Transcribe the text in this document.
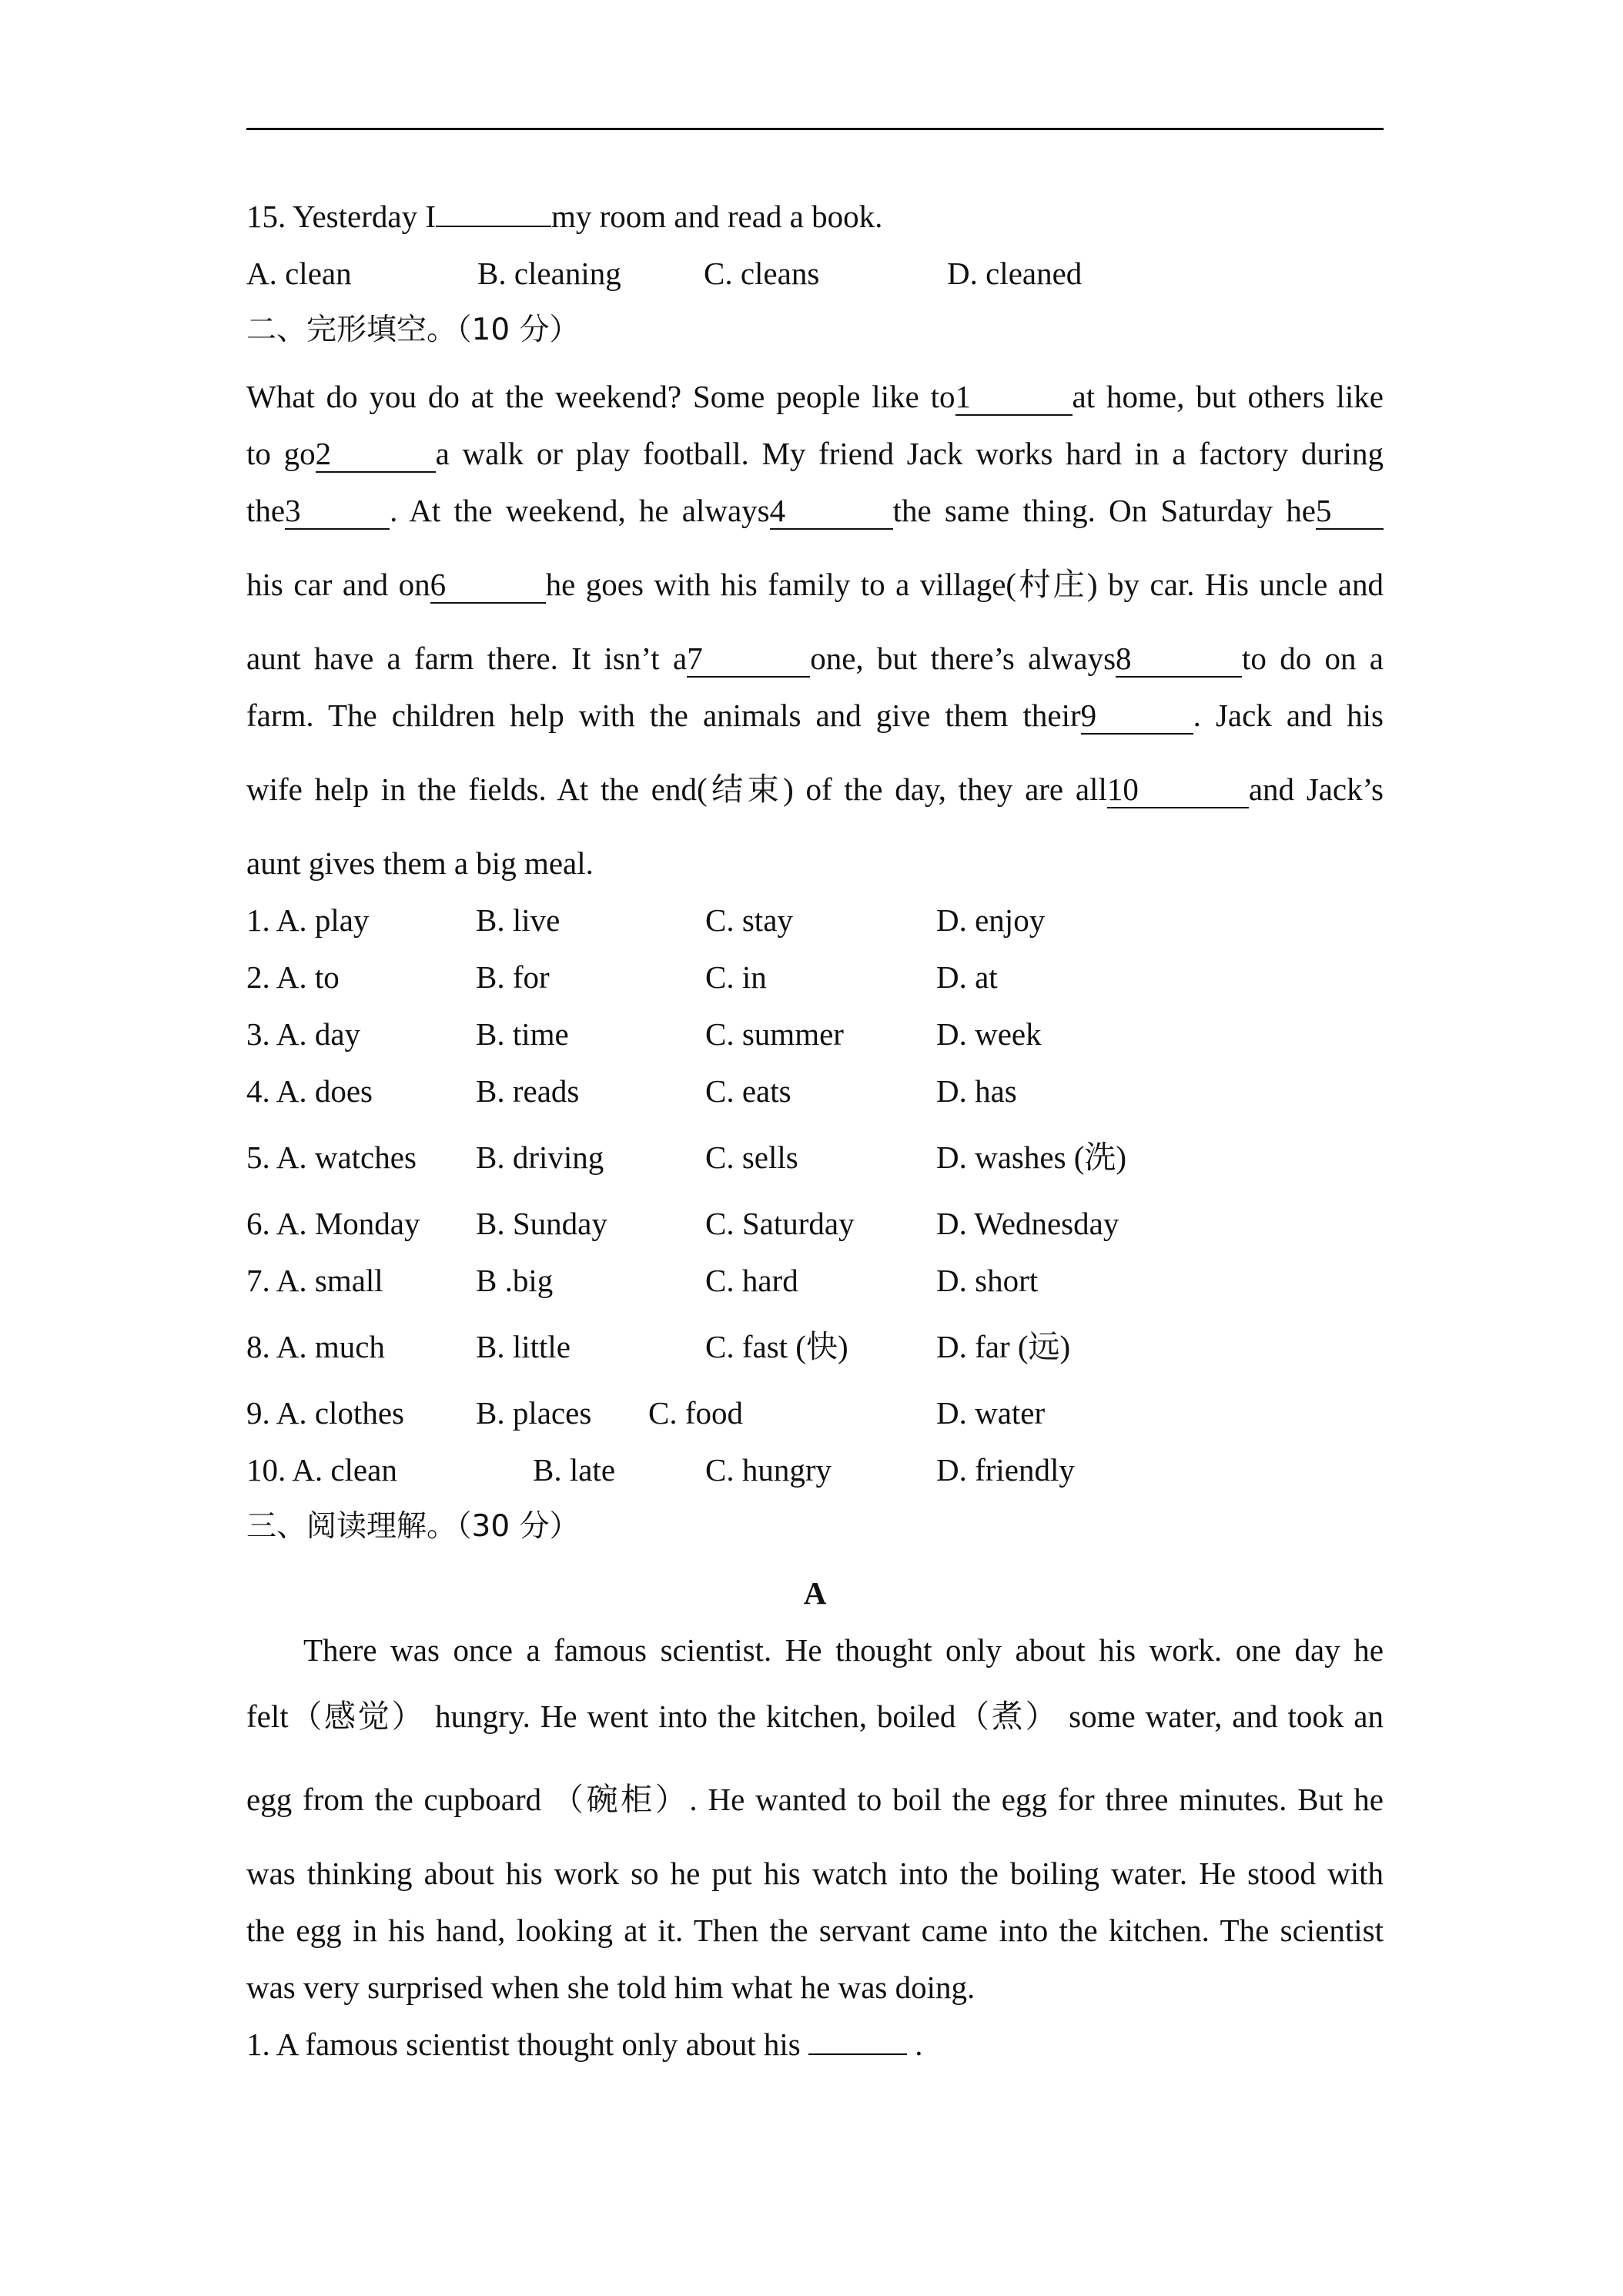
15. Yesterday I	my room and read a book.
A. clean	B. cleaning	C. cleans	D. cleaned
二、完形填空。（10 分）
What do you do at the weekend? Some people like to1	at home, but others like
to go2	a walk or play football. My friend Jack works hard in a factory during
the3	. At the weekend, he always4	the same thing. On Saturday he5
his car and on6	he goes with his family to a village(村庄) by car. His uncle and
aunt have a farm there. It isn’t a7	one, but there’s always8	to do on a
farm. The children help with the animals and give them their9	. Jack and his
wife help in the fields. At the end(结束) of the day, they are all10	and Jack’s
aunt gives them a big meal.
1. A. play	B. live	C. stay	D. enjoy
2. A. to	B. for	C. in	D. at
3. A. day	B. time	C. summer	D. week
4. A. does	B. reads	C. eats	D. has
5. A. watches	B. driving	C. sells	D. washes (洗)
6. A. Monday	B. Sunday	C. Saturday	D. Wednesday
7. A. small	B .big	C. hard	D. short
8. A. much	B. little	C. fast (快)	D. far (远)
9. A. clothes	B. places	C. food	D. water
10. A. clean	B. late	C. hungry	D. friendly
三、阅读理解。（30 分）
A
There was once a famous scientist. He thought only about his work. one day he
felt（感觉） hungry. He went into the kitchen, boiled（煮） some water, and took an
egg from the cupboard （碗柜）. He wanted to boil the egg for three minutes. But he
was thinking about his work so he put his watch into the boiling water. He stood with
the egg in his hand, looking at it. Then the servant came into the kitchen. The scientist
was very surprised when she told him what he was doing.
1. A famous scientist thought only about his	.
